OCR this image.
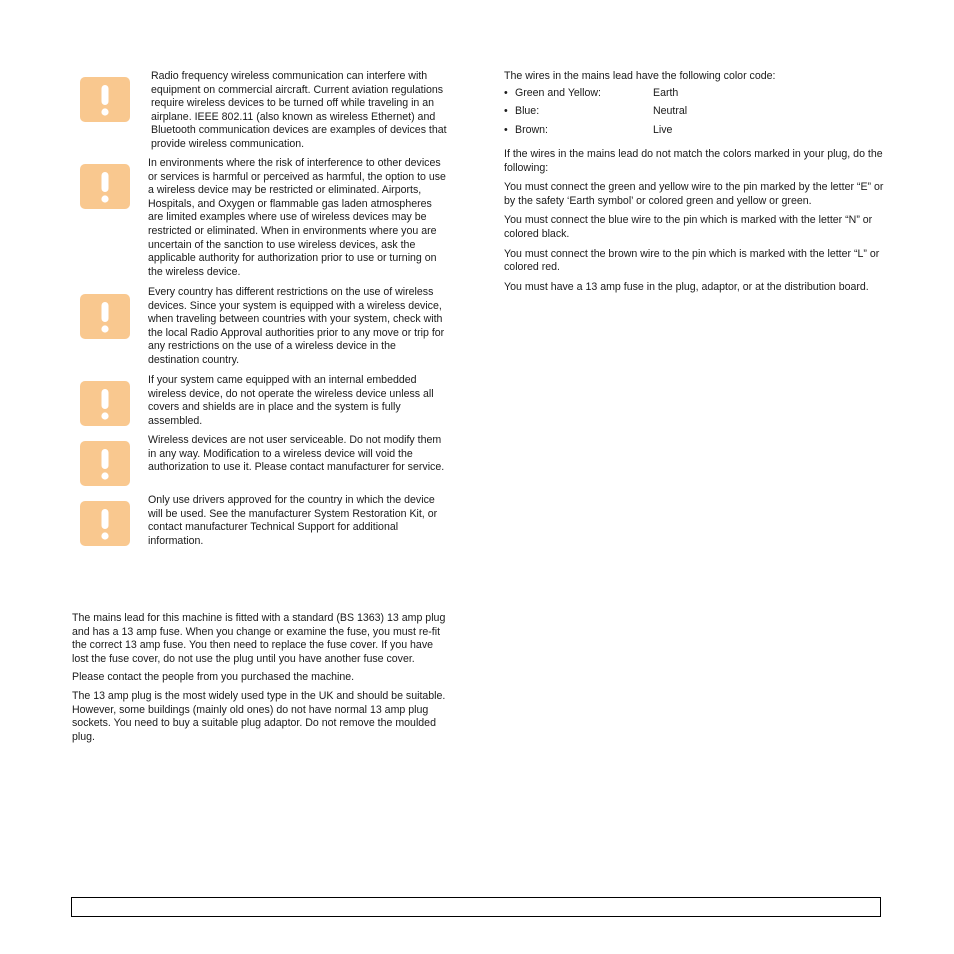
Radio frequency wireless communication can interfere with equipment on commercial aircraft. Current aviation regulations require wireless devices to be turned off while traveling in an airplane. IEEE 802.11 (also known as wireless Ethernet) and Bluetooth communication devices are examples of devices that provide wireless communication.

In environments where the risk of interference to other devices or services is harmful or perceived as harmful, the option to use a wireless device may be restricted or eliminated. Airports, Hospitals, and Oxygen or flammable gas laden atmospheres are limited examples where use of wireless devices may be restricted or eliminated. When in environments where you are uncertain of the sanction to use wireless devices, ask the applicable authority for authorization prior to use or turning on the wireless device.

Every country has different restrictions on the use of wireless devices. Since your system is equipped with a wireless device, when traveling between countries with your system, check with the local Radio Approval authorities prior to any move or trip for any restrictions on the use of a wireless device in the destination country.

If your system came equipped with an internal embedded wireless device, do not operate the wireless device unless all covers and shields are in place and the system is fully assembled.

Wireless devices are not user serviceable. Do not modify them in any way. Modification to a wireless device will void the authorization to use it. Please contact manufacturer for service.

Only use drivers approved for the country in which the device will be used. See the manufacturer System Restoration Kit, or contact manufacturer Technical Support for additional information.

The mains lead for this machine is fitted with a standard (BS 1363) 13 amp plug and has a 13 amp fuse. When you change or examine the fuse, you must re-fit the correct 13 amp fuse. You then need to replace the fuse cover. If you have lost the fuse cover, do not use the plug until you have another fuse cover.

Please contact the people from you purchased the machine.

The 13 amp plug is the most widely used type in the UK and should be suitable. However, some buildings (mainly old ones) do not have normal 13 amp plug sockets. You need to buy a suitable plug adaptor. Do not remove the moulded plug.

The wires in the mains lead have the following color code:

• Green and Yellow:	Earth
• Blue:	Neutral
• Brown:	Live

If the wires in the mains lead do not match the colors marked in your plug, do the following:

You must connect the green and yellow wire to the pin marked by the letter “E” or by the safety ‘Earth symbol’ or colored green and yellow or green.

You must connect the blue wire to the pin which is marked with the letter “N” or colored black.

You must connect the brown wire to the pin which is marked with the letter “L” or colored red.

You must have a 13 amp fuse in the plug, adaptor, or at the distribution board.
